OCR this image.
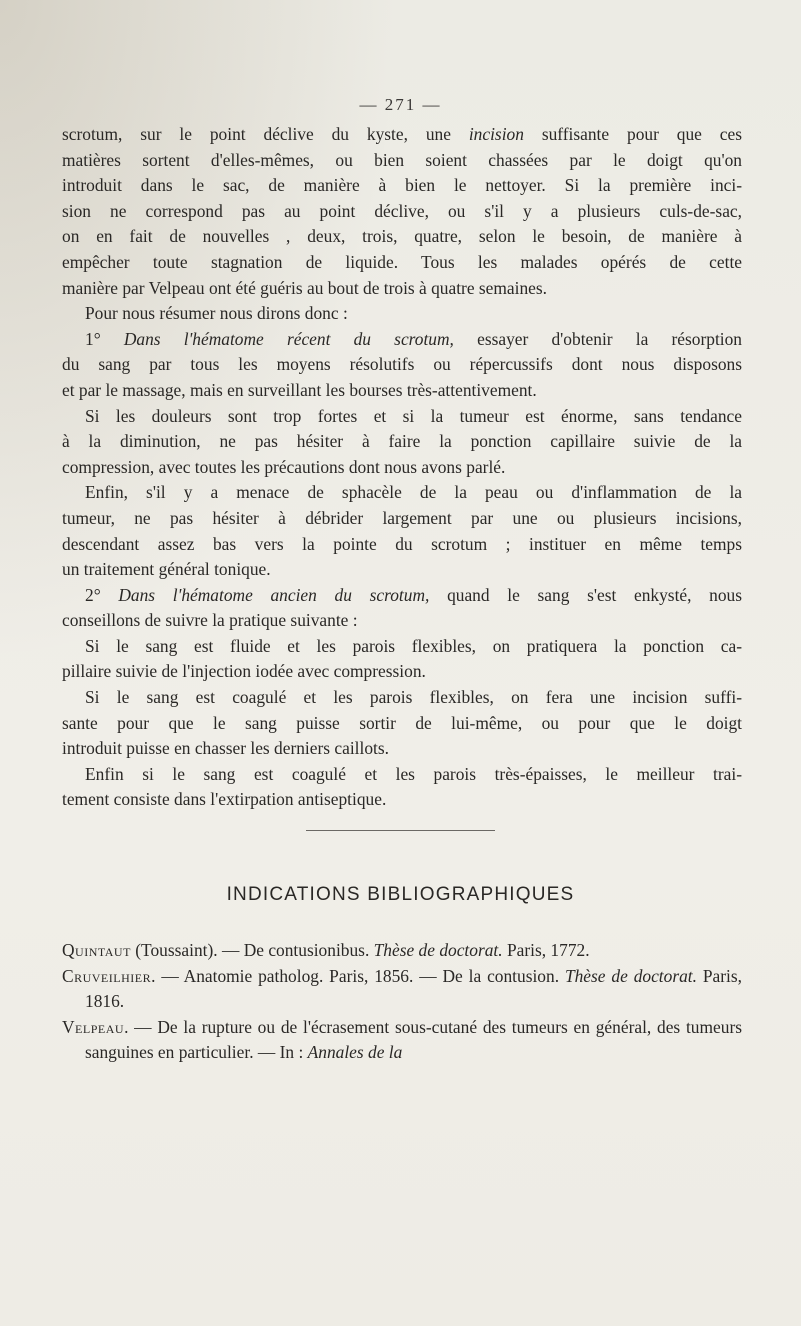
— 271 —
scrotum, sur le point déclive du kyste, une incision suffisante pour que ces
matières sortent d'elles-mêmes, ou bien soient chassées par le doigt qu'on
introduit dans le sac, de manière à bien le nettoyer. Si la première inci-
sion ne correspond pas au point déclive, ou s'il y a plusieurs culs-de-sac,
on en fait de nouvelles , deux, trois, quatre, selon le besoin, de manière à
empêcher toute stagnation de liquide. Tous les malades opérés de cette
manière par Velpeau ont été guéris au bout de trois à quatre semaines.
Pour nous résumer nous dirons donc :
1° Dans l'hématome récent du scrotum, essayer d'obtenir la résorption
du sang par tous les moyens résolutifs ou répercussifs dont nous disposons
et par le massage, mais en surveillant les bourses très-attentivement.
Si les douleurs sont trop fortes et si la tumeur est énorme, sans tendance
à la diminution, ne pas hésiter à faire la ponction capillaire suivie de la
compression, avec toutes les précautions dont nous avons parlé.
Enfin, s'il y a menace de sphacèle de la peau ou d'inflammation de la
tumeur, ne pas hésiter à débrider largement par une ou plusieurs incisions,
descendant assez bas vers la pointe du scrotum ; instituer en même temps
un traitement général tonique.
2° Dans l'hématome ancien du scrotum, quand le sang s'est enkysté, nous
conseillons de suivre la pratique suivante :
Si le sang est fluide et les parois flexibles, on pratiquera la ponction ca-
pillaire suivie de l'injection iodée avec compression.
Si le sang est coagulé et les parois flexibles, on fera une incision suffi-
sante pour que le sang puisse sortir de lui-même, ou pour que le doigt
introduit puisse en chasser les derniers caillots.
Enfin si le sang est coagulé et les parois très-épaisses, le meilleur trai-
tement consiste dans l'extirpation antiseptique.
INDICATIONS BIBLIOGRAPHIQUES
Quintaut (Toussaint). — De contusionibus. Thèse de doctorat. Paris, 1772.
Cruveilhier. — Anatomie patholog. Paris, 1856. — De la contusion. Thèse de doctorat. Paris, 1816.
Velpeau. — De la rupture ou de l'écrasement sous-cutané des tumeurs en général, des tumeurs sanguines en particulier. — In : Annales de la
